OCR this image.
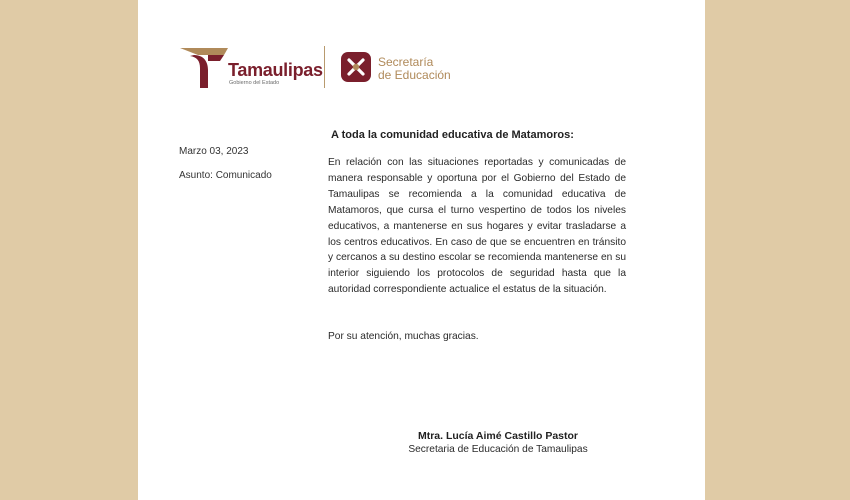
Tamaulipas
Gobierno del Estado
Secretaría
de Educación
Marzo 03, 2023
Asunto: Comunicado
A toda la comunidad educativa de Matamoros:

En relación con las situaciones reportadas y comunicadas de manera responsable y oportuna por el Gobierno del Estado de Tamaulipas se recomienda a la comunidad educativa de Matamoros, que cursa el turno vespertino de todos los niveles educativos, a mantenerse en sus hogares y evitar trasladarse a los centros educativos. En caso de que se encuentren en tránsito y cercanos a su destino escolar se recomienda mantenerse en su interior siguiendo los protocolos de seguridad hasta que la autoridad correspondiente actualice el estatus de la situación.

Por su atención, muchas gracias.

Mtra. Lucía Aimé Castillo Pastor
Secretaria de Educación de Tamaulipas
